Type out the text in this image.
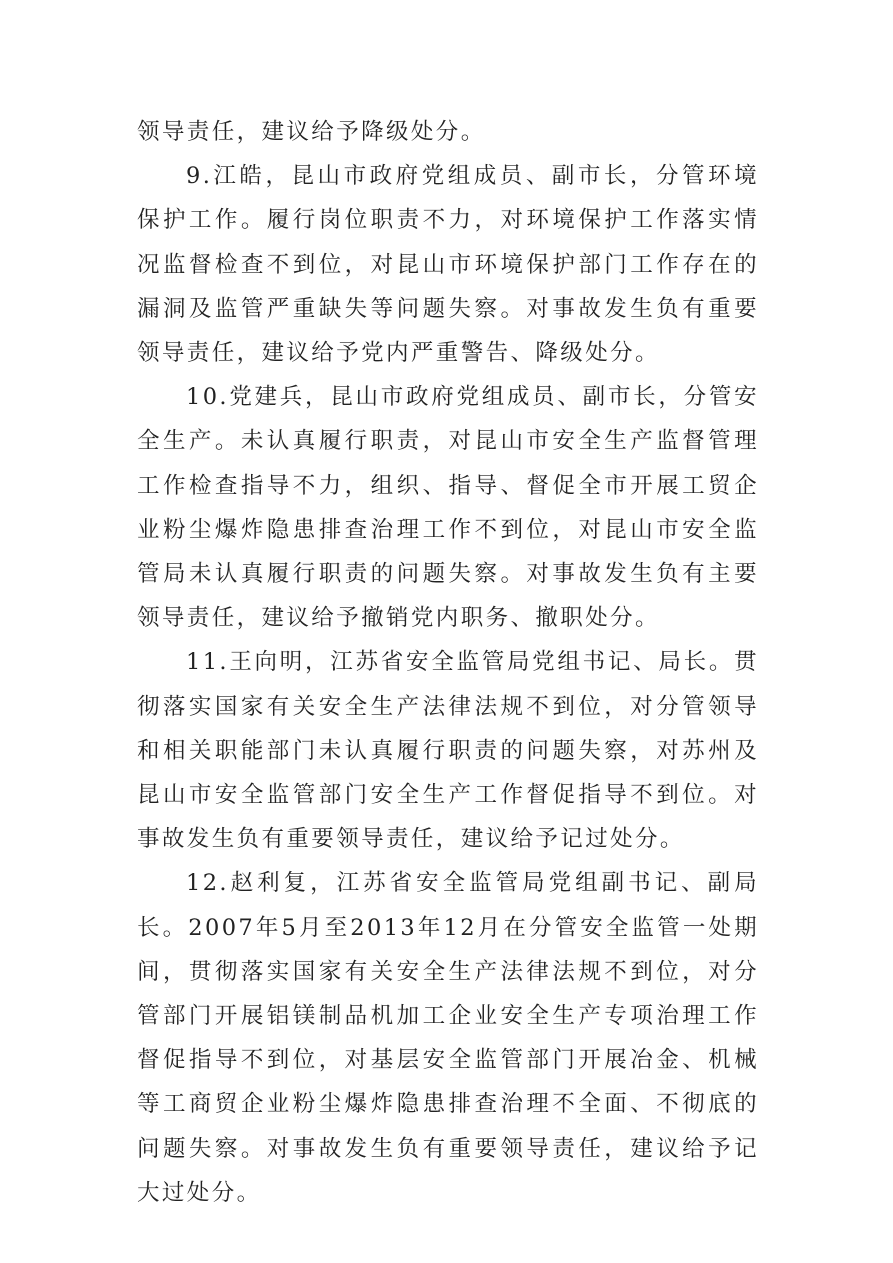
领导责任，建议给予降级处分。

9.江皓，昆山市政府党组成员、副市长，分管环境保护工作。履行岗位职责不力，对环境保护工作落实情况监督检查不到位，对昆山市环境保护部门工作存在的漏洞及监管严重缺失等问题失察。对事故发生负有重要领导责任，建议给予党内严重警告、降级处分。

10.党建兵，昆山市政府党组成员、副市长，分管安全生产。未认真履行职责，对昆山市安全生产监督管理工作检查指导不力，组织、指导、督促全市开展工贸企业粉尘爆炸隐患排查治理工作不到位，对昆山市安全监管局未认真履行职责的问题失察。对事故发生负有主要领导责任，建议给予撤销党内职务、撤职处分。

11.王向明，江苏省安全监管局党组书记、局长。贯彻落实国家有关安全生产法律法规不到位，对分管领导和相关职能部门未认真履行职责的问题失察，对苏州及昆山市安全监管部门安全生产工作督促指导不到位。对事故发生负有重要领导责任，建议给予记过处分。

12.赵利复，江苏省安全监管局党组副书记、副局长。2007年5月至2013年12月在分管安全监管一处期间，贯彻落实国家有关安全生产法律法规不到位，对分管部门开展铝镁制品机加工企业安全生产专项治理工作督促指导不到位，对基层安全监管部门开展冶金、机械等工商贸企业粉尘爆炸隐患排查治理不全面、不彻底的问题失察。对事故发生负有重要领导责任，建议给予记大过处分。
